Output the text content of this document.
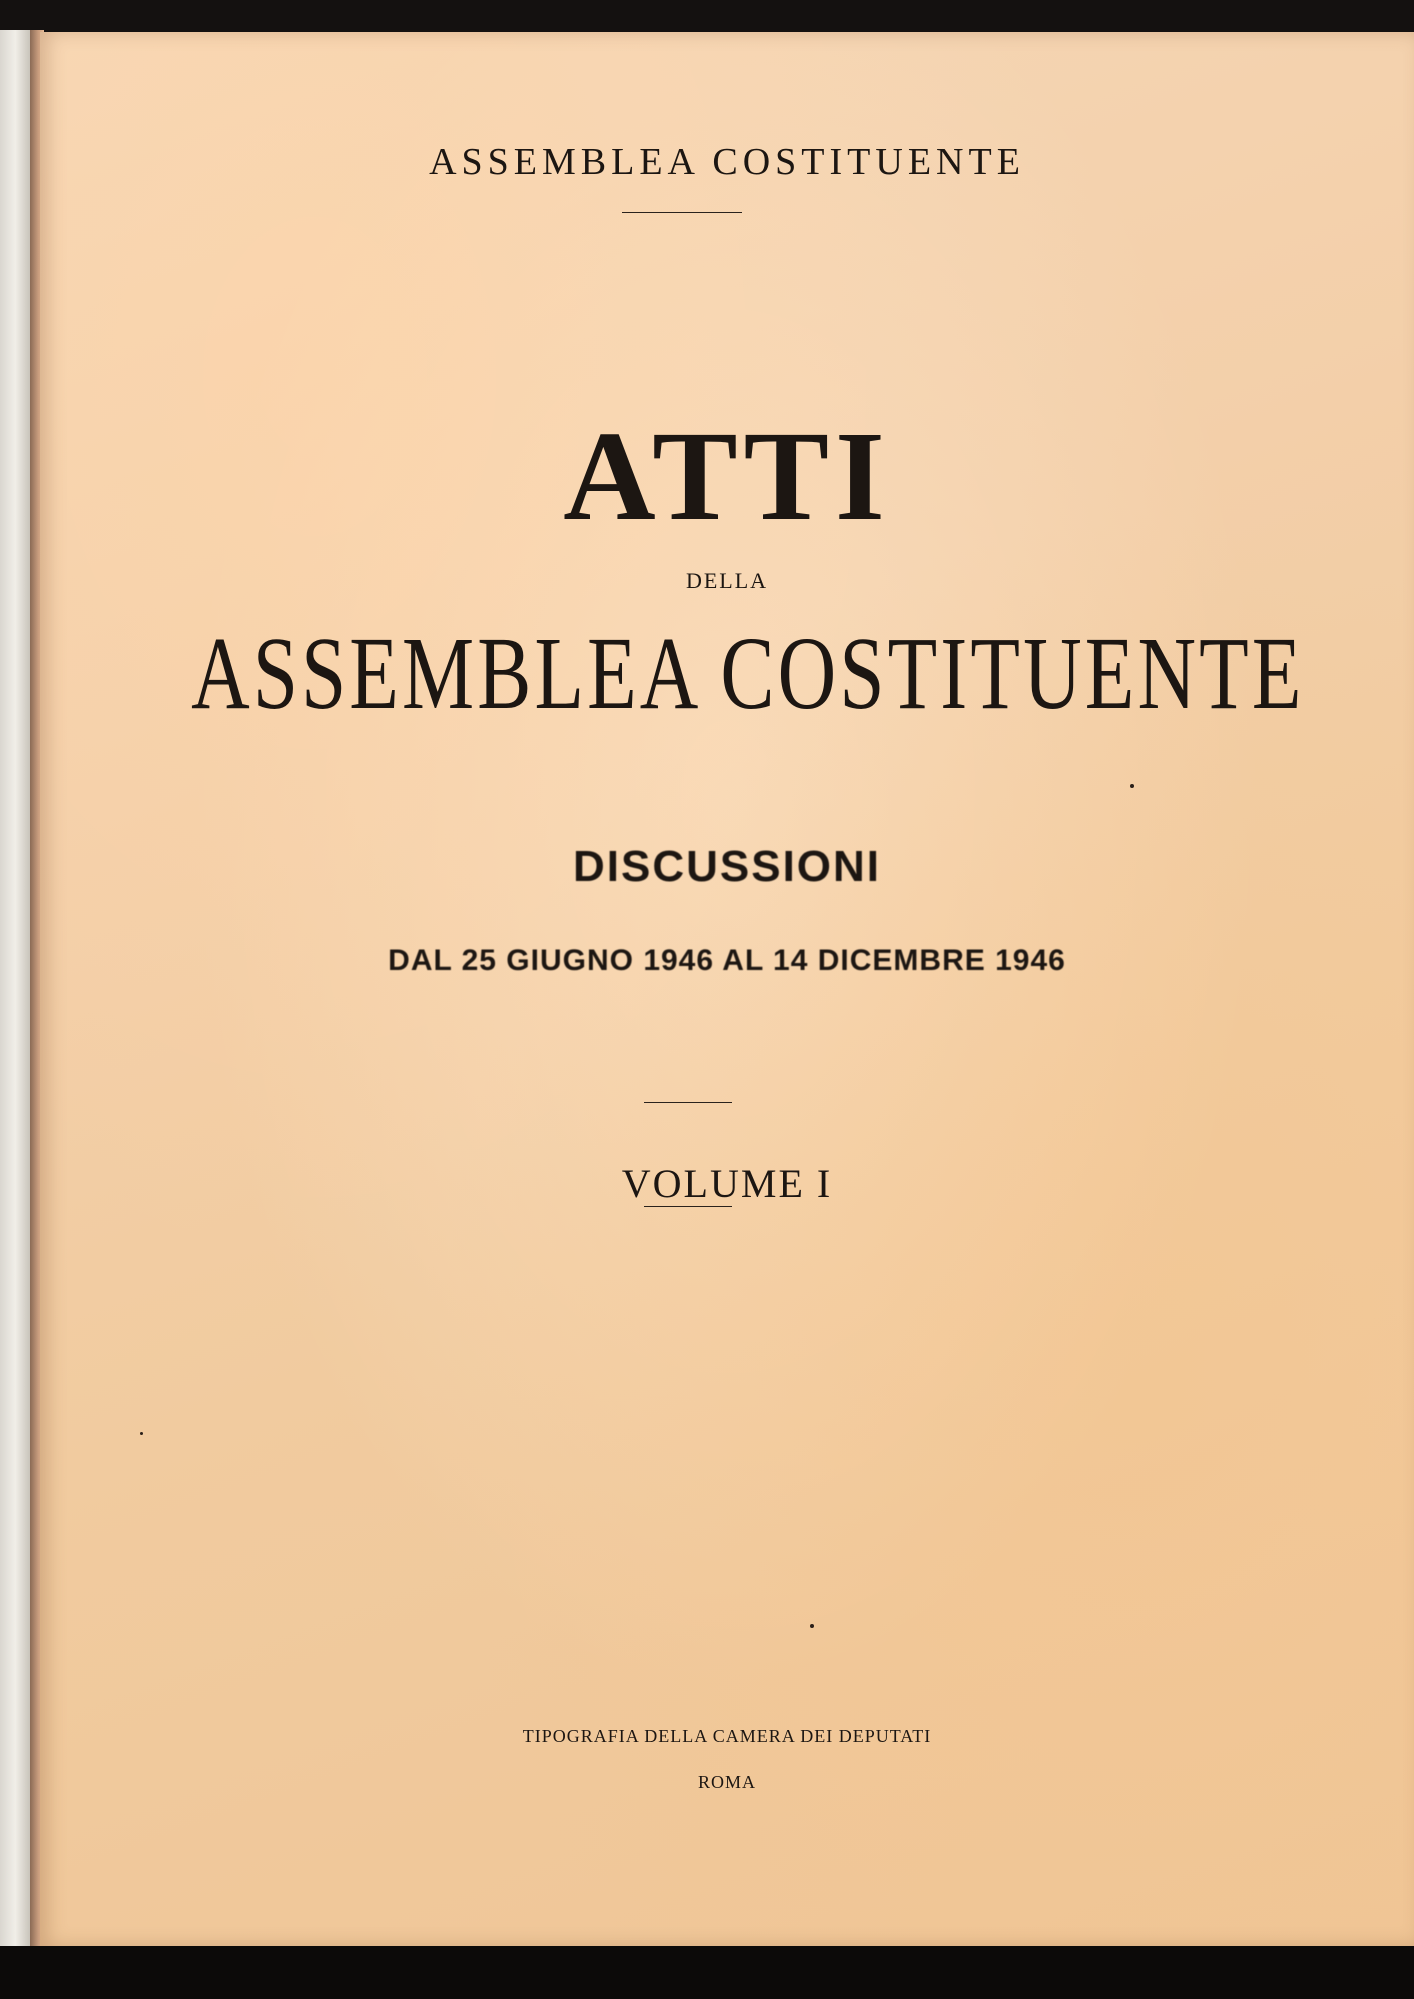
ASSEMBLEA COSTITUENTE
ATTI
DELLA
ASSEMBLEA COSTITUENTE
DISCUSSIONI
DAL 25 GIUGNO 1946 AL 14 DICEMBRE 1946
VOLUME I
TIPOGRAFIA DELLA CAMERA DEI DEPUTATI
ROMA
